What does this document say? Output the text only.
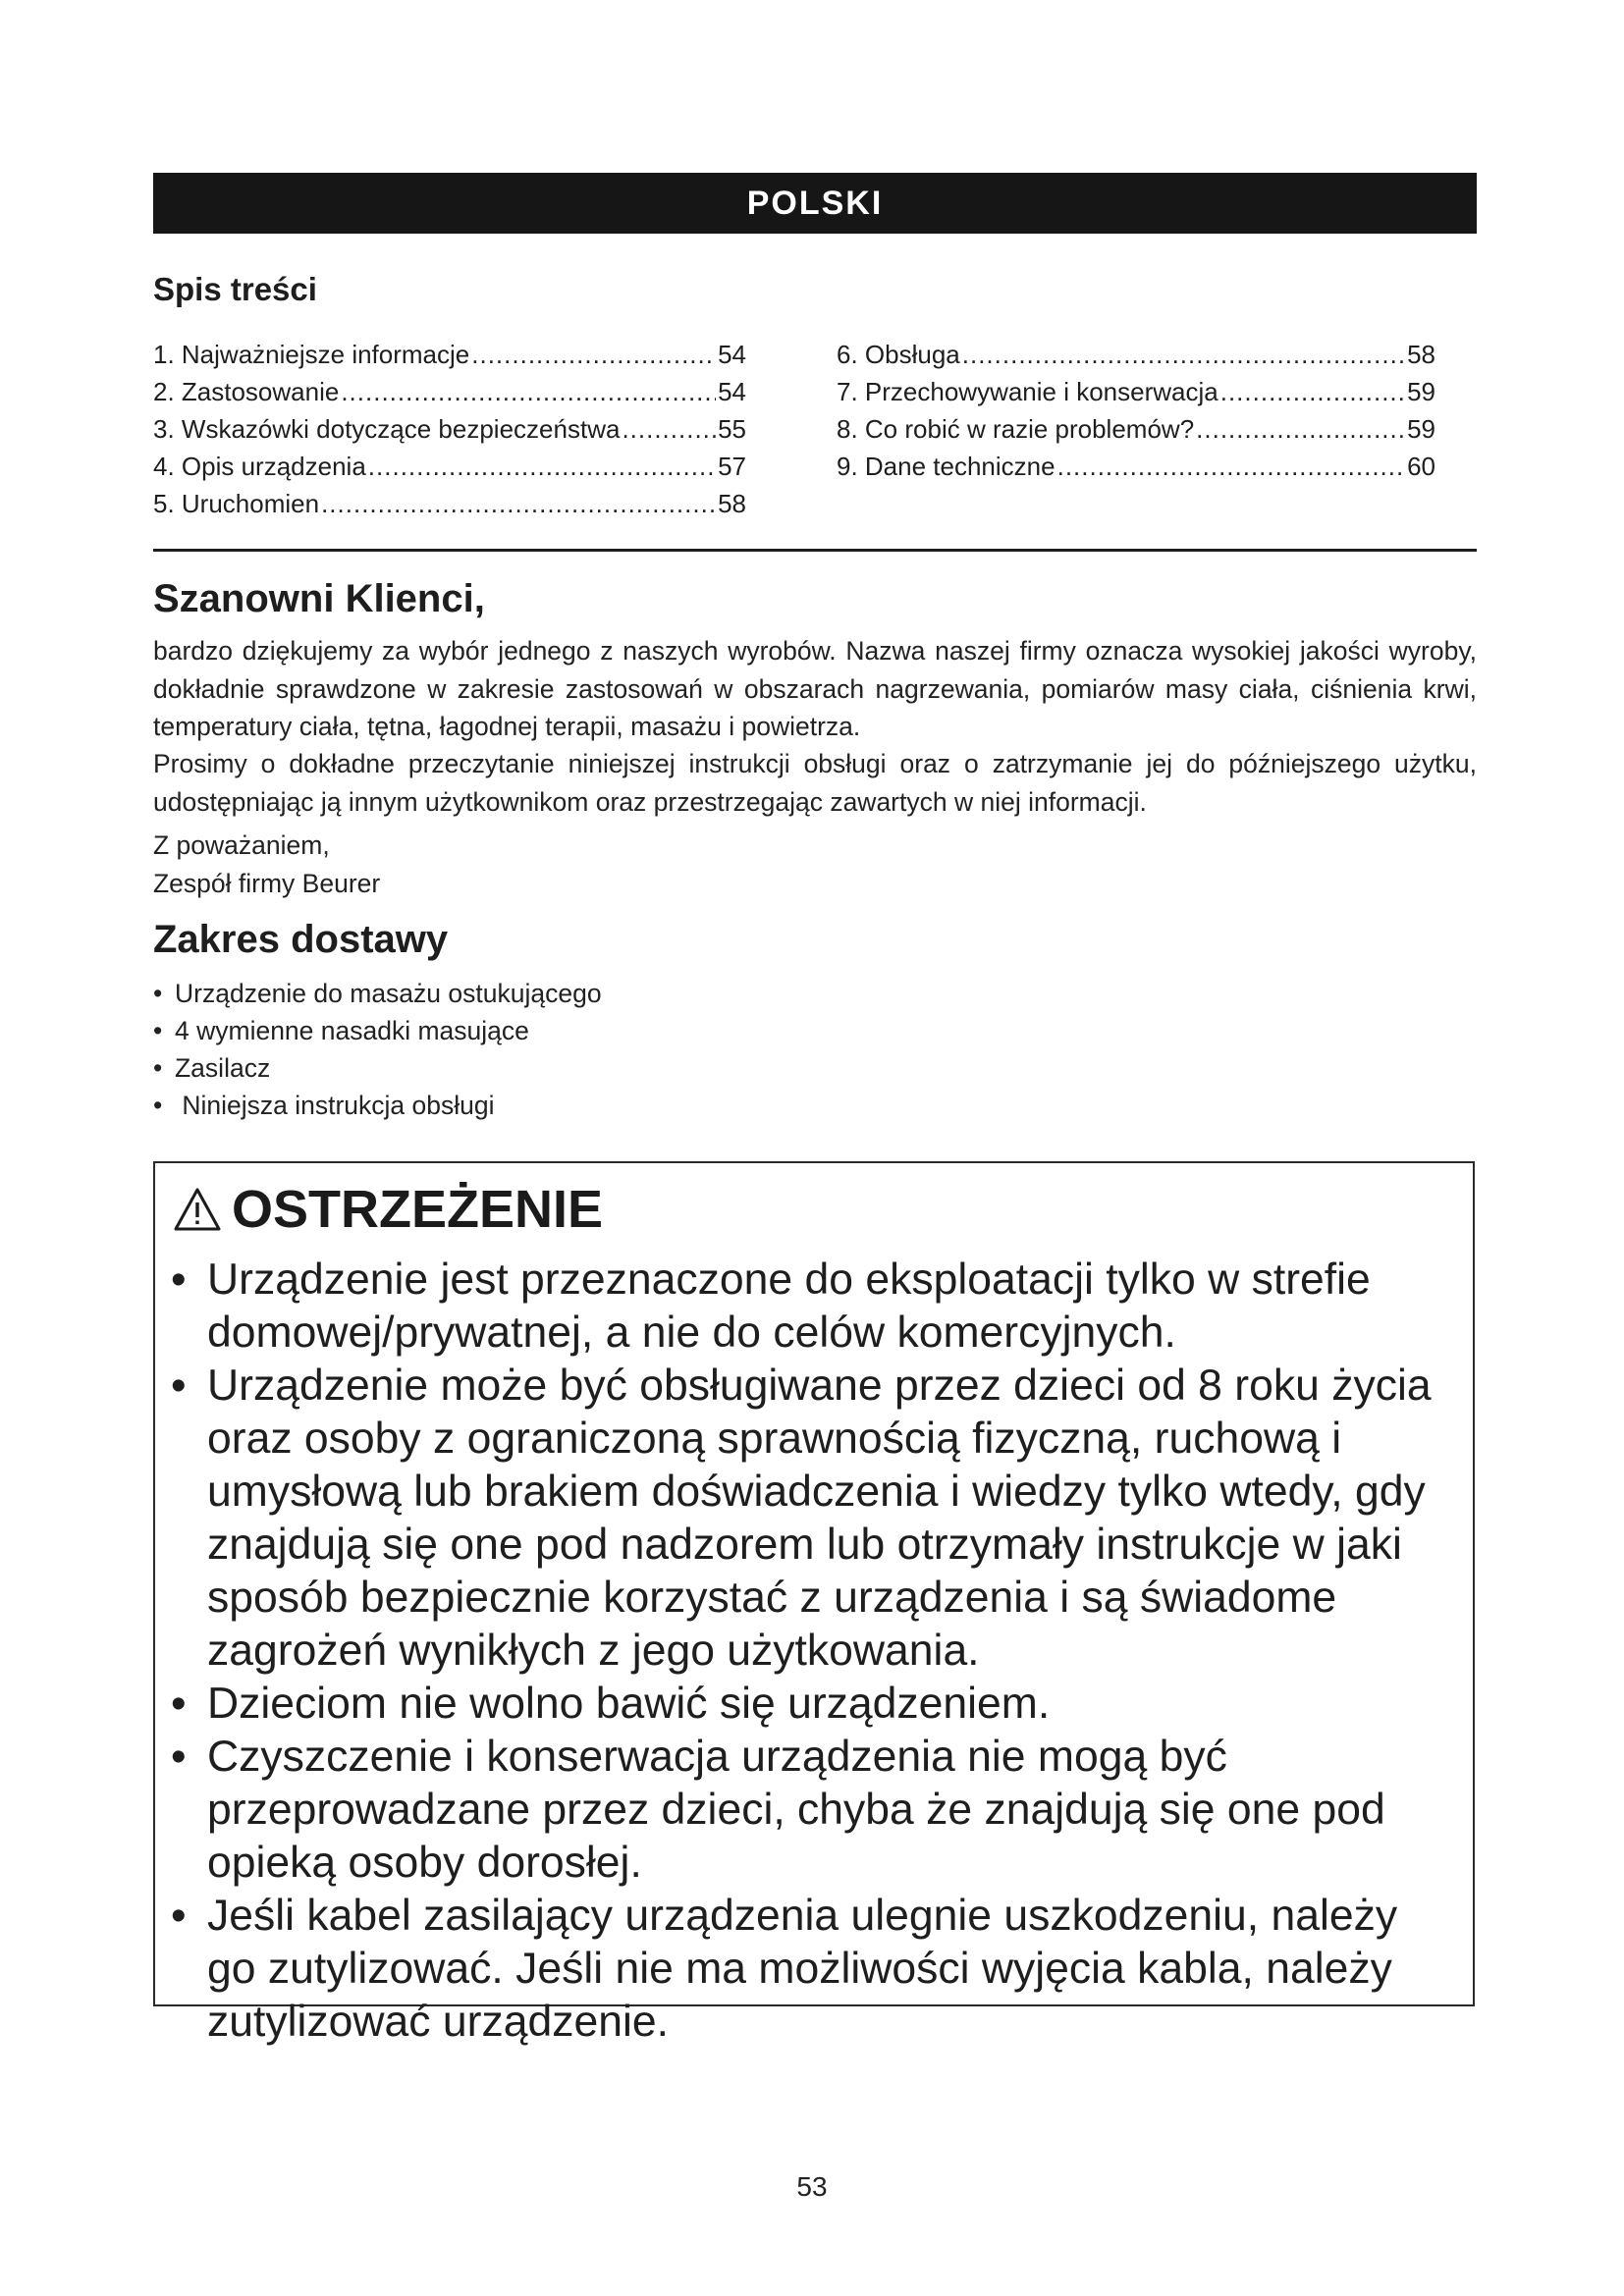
POLSKI
Spis treści
1. Najważniejsze informacje .....	54
2. Zastosowanie .....	54
3. Wskazówki dotyczące bezpieczeństwa .....	55
4. Opis urządzenia .....	57
5. Uruchomien .....	58
6. Obsługa .....	58
7. Przechowywanie i konserwacja .....	59
8. Co robić w razie problemów? .....	59
9. Dane techniczne .....	60
Szanowni Klienci,
bardzo dziękujemy za wybór jednego z naszych wyrobów. Nazwa naszej firmy oznacza wysokiej jakości wyroby, dokładnie sprawdzone w zakresie zastosowań w obszarach nagrzewania, pomiarów masy ciała, ciśnienia krwi, temperatury ciała, tętna, łagodnej terapii, masażu i powietrza.
Prosimy o dokładne przeczytanie niniejszej instrukcji obsługi oraz o zatrzymanie jej do późniejszego użytku, udostępniając ją innym użytkownikom oraz przestrzegając zawartych w niej informacji.
Z poważaniem,
Zespół firmy Beurer
Zakres dostawy
• Urządzenie do masażu ostukującego
• 4 wymienne nasadki masujące
• Zasilacz
• Niniejsza instrukcja obsługi
OSTRZEŻENIE
• Urządzenie jest przeznaczone do eksploatacji tylko w strefie domowej/prywatnej, a nie do celów komercyjnych.
• Urządzenie może być obsługiwane przez dzieci od 8 roku życia oraz osoby z ograniczoną sprawnością fizyczną, ruchową i umysłową lub brakiem doświadczenia i wiedzy tylko wtedy, gdy znajdują się one pod nadzorem lub otrzymały instrukcje w jaki sposób bezpiecznie korzystać z urządzenia i są świadome zagrożeń wynikłych z jego użytkowania.
• Dzieciom nie wolno bawić się urządzeniem.
• Czyszczenie i konserwacja urządzenia nie mogą być przeprowadzane przez dzieci, chyba że znajdują się one pod opieką osoby dorosłej.
• Jeśli kabel zasilający urządzenia ulegnie uszkodzeniu, należy go zutylizować. Jeśli nie ma możliwości wyjęcia kabla, należy zutylizować urządzenie.
53
